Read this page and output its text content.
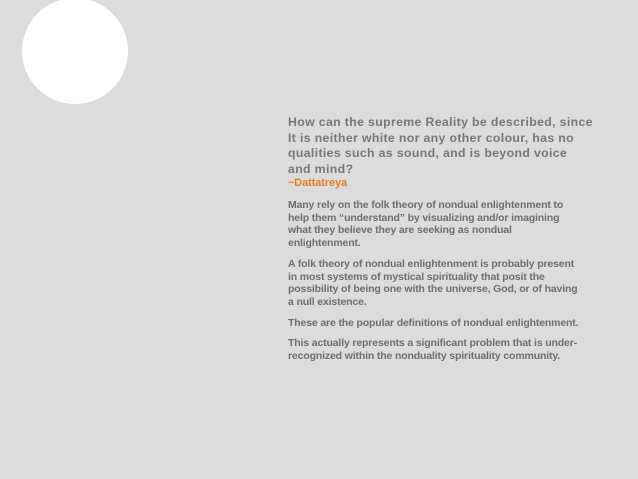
How can the supreme Reality be described, since
It is neither white nor any other colour, has no
qualities such as sound, and is beyond voice
and mind?

~Dattatreya

Many rely on the folk theory of nondual enlightenment to
help them “understand” by visualizing and/or imagining
what they believe they are seeking as nondual
enlightenment.

A folk theory of nondual enlightenment is probably present
in most systems of mystical spirituality that posit the
possibility of being one with the universe, God, or of having
a null existence.

These are the popular definitions of nondual enlightenment.

This actually represents a significant problem that is under-
recognized within the nonduality spirituality community.
